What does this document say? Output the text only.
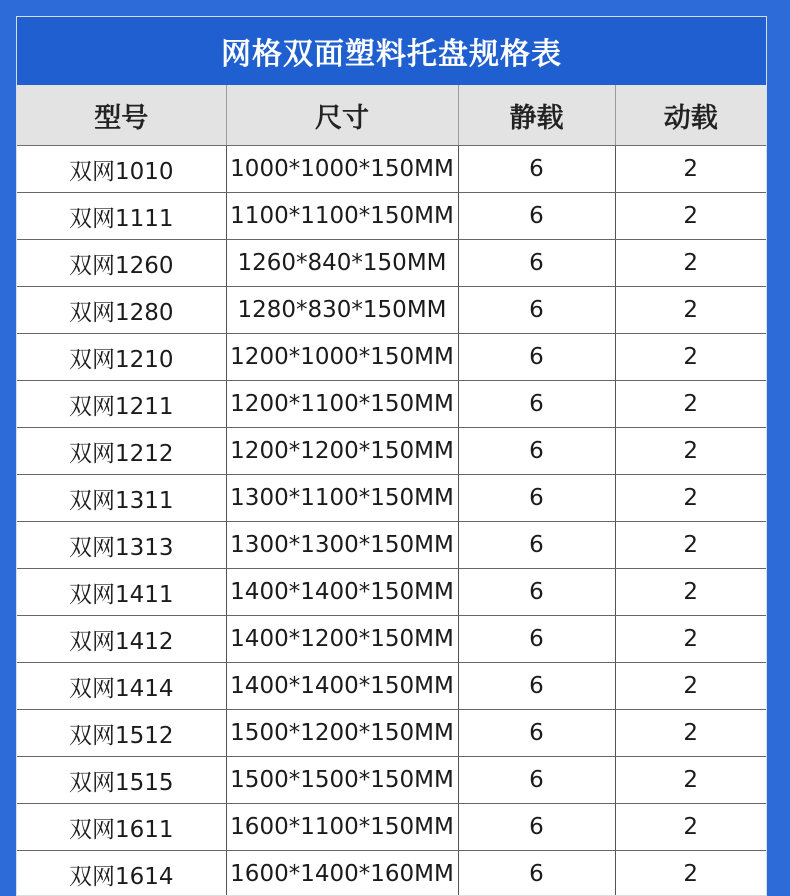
网格双面塑料托盘规格表
型号	尺寸	静载	动载
双网1010	1000*1000*150MM	6	2
双网1111	1100*1100*150MM	6	2
双网1260	1260*840*150MM	6	2
双网1280	1280*830*150MM	6	2
双网1210	1200*1000*150MM	6	2
双网1211	1200*1100*150MM	6	2
双网1212	1200*1200*150MM	6	2
双网1311	1300*1100*150MM	6	2
双网1313	1300*1300*150MM	6	2
双网1411	1400*1400*150MM	6	2
双网1412	1400*1200*150MM	6	2
双网1414	1400*1400*150MM	6	2
双网1512	1500*1200*150MM	6	2
双网1515	1500*1500*150MM	6	2
双网1611	1600*1100*150MM	6	2
双网1614	1600*1400*160MM	6	2
